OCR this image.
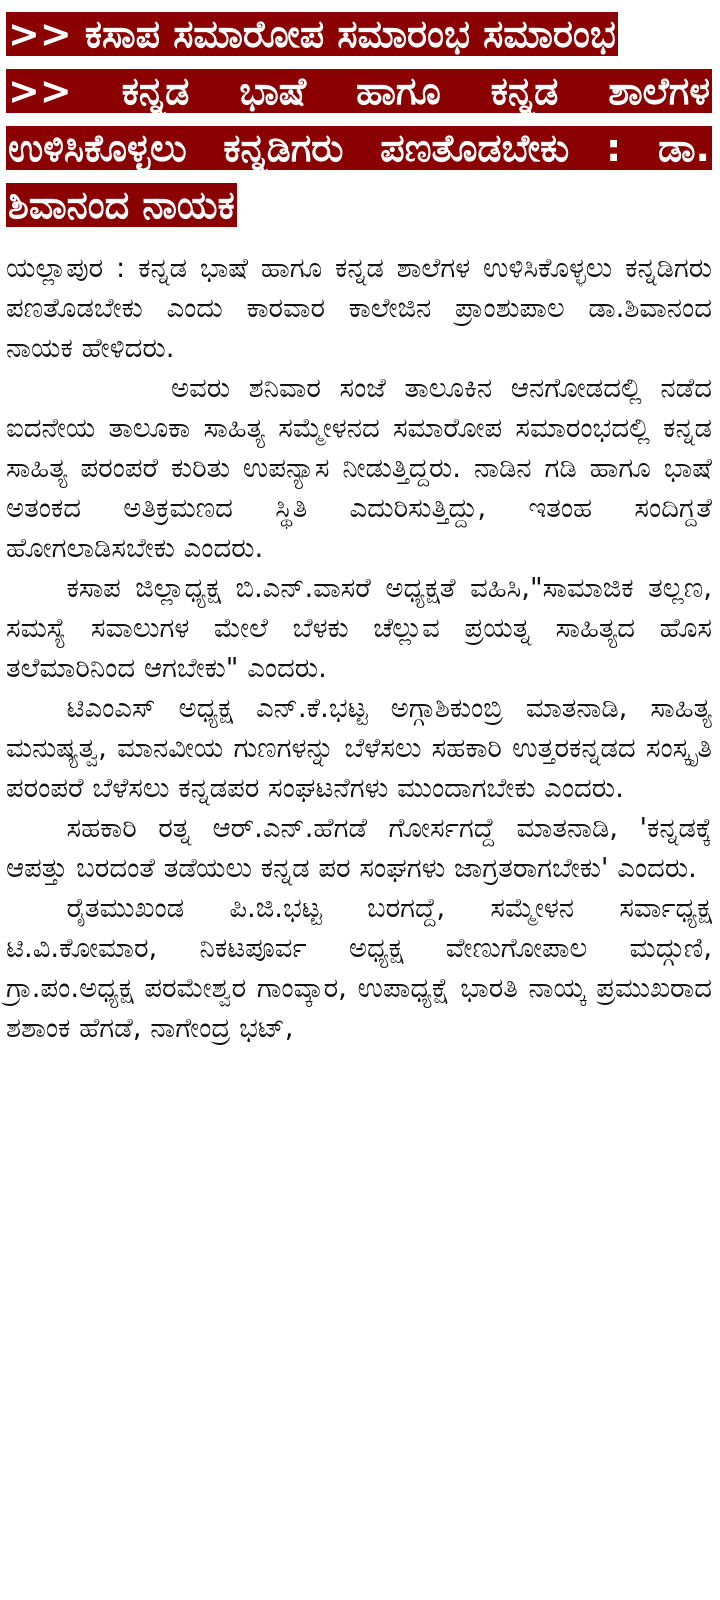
>> ಕಸಾಪ ಸಮಾರೋಪ ಸಮಾರಂಭ ಸಮಾರಂಭ
>> ಕನ್ನಡ ಭಾಷೆ ಹಾಗೂ ಕನ್ನಡ ಶಾಲೆಗಳ ಉಳಿಸಿಕೊಳ್ಳಲು ಕನ್ನಡಿಗರು ಪಣತೊಡಬೇಕು : ಡಾ. ಶಿವಾನಂದ ನಾಯಕ

ಯಲ್ಲಾಪುರ : ಕನ್ನಡ ಭಾಷೆ ಹಾಗೂ ಕನ್ನಡ ಶಾಲೆಗಳ ಉಳಿಸಿಕೊಳ್ಳಲು ಕನ್ನಡಿಗರು ಪಣತೊಡಬೇಕು ಎಂದು ಕಾರವಾರ ಕಾಲೇಜಿನ ಪ್ರಾಂಶುಪಾಲ ಡಾ.ಶಿವಾನಂದ ನಾಯಕ ಹೇಳಿದರು.

ಅವರು ಶನಿವಾರ ಸಂಜೆ ತಾಲೂಕಿನ ಆನಗೋಡದಲ್ಲಿ ನಡೆದ ಐದನೇಯ ತಾಲೂಕಾ ಸಾಹಿತ್ಯ ಸಮ್ಮೇಳನದ ಸಮಾರೋಪ ಸಮಾರಂಭದಲ್ಲಿ ಕನ್ನಡ ಸಾಹಿತ್ಯ ಪರಂಪರೆ ಕುರಿತು ಉಪನ್ಯಾಸ ನೀಡುತ್ತಿದ್ದರು. ನಾಡಿನ ಗಡಿ ಹಾಗೂ ಭಾಷೆ ಅತಂಕದ ಅತಿಕ್ರಮಣದ ಸ್ಥಿತಿ ಎದುರಿಸುತ್ತಿದ್ದು, ಇತಂಹ ಸಂದಿಗ್ದತೆ ಹೋಗಲಾಡಿಸಬೇಕು ಎಂದರು.

ಕಸಾಪ ಜಿಲ್ಲಾಧ್ಯಕ್ಷ ಬಿ.ಎನ್.ವಾಸರೆ ಅಧ್ಯಕ್ಷತೆ ವಹಿಸಿ,"ಸಾಮಾಜಿಕ ತಲ್ಲಣ, ಸಮಸ್ಯೆ ಸವಾಲುಗಳ ಮೇಲೆ ಬೆಳಕು ಚೆಲ್ಲುವ ಪ್ರಯತ್ನ ಸಾಹಿತ್ಯದ ಹೊಸ ತಲೆಮಾರಿನಿಂದ ಆಗಬೇಕು" ಎಂದರು.

ಟಿಎಂಎಸ್ ಅಧ್ಯಕ್ಷ ಎನ್.ಕೆ.ಭಟ್ಟ ಅಗ್ಗಾಶಿಕುಂಬ್ರಿ ಮಾತನಾಡಿ, ಸಾಹಿತ್ಯ ಮನುಷ್ಯತ್ವ, ಮಾನವೀಯ ಗುಣಗಳನ್ನು ಬೆಳೆಸಲು ಸಹಕಾರಿ ಉತ್ತರಕನ್ನಡದ ಸಂಸ್ಕೃತಿ ಪರಂಪರೆ ಬೆಳೆಸಲು ಕನ್ನಡಪರ ಸಂಘಟನೆಗಳು ಮುಂದಾಗಬೇಕು ಎಂದರು.

ಸಹಕಾರಿ ರತ್ನ ಆರ್.ಎನ್.ಹೆಗಡೆ ಗೋರ್ಸಗದ್ದೆ ಮಾತನಾಡಿ, 'ಕನ್ನಡಕ್ಕೆ ಆಪತ್ತು ಬರದಂತೆ ತಡೆಯಲು ಕನ್ನಡ ಪರ ಸಂಘಗಳು ಜಾಗ್ರತರಾಗಬೇಕು' ಎಂದರು.

ರೈತಮುಖಂಡ ಪಿ.ಜಿ.ಭಟ್ಟ ಬರಗದ್ದೆ, ಸಮ್ಮೇಳನ ಸರ್ವಾಧ್ಯಕ್ಷ ಟಿ.ವಿ.ಕೋಮಾರ, ನಿಕಟಪೂರ್ವ ಅಧ್ಯಕ್ಷ ವೇಣುಗೋಪಾಲ ಮದ್ಗುಣಿ, ಗ್ರಾ.ಪಂ.ಅಧ್ಯಕ್ಷ ಪರಮೇಶ್ವರ ಗಾಂವ್ಕಾರ, ಉಪಾಧ್ಯಕ್ಷೆ ಭಾರತಿ ನಾಯ್ಕ ಪ್ರಮುಖರಾದ ಶಶಾಂಕ ಹೆಗಡೆ, ನಾಗೇಂದ್ರ ಭಟ್,
